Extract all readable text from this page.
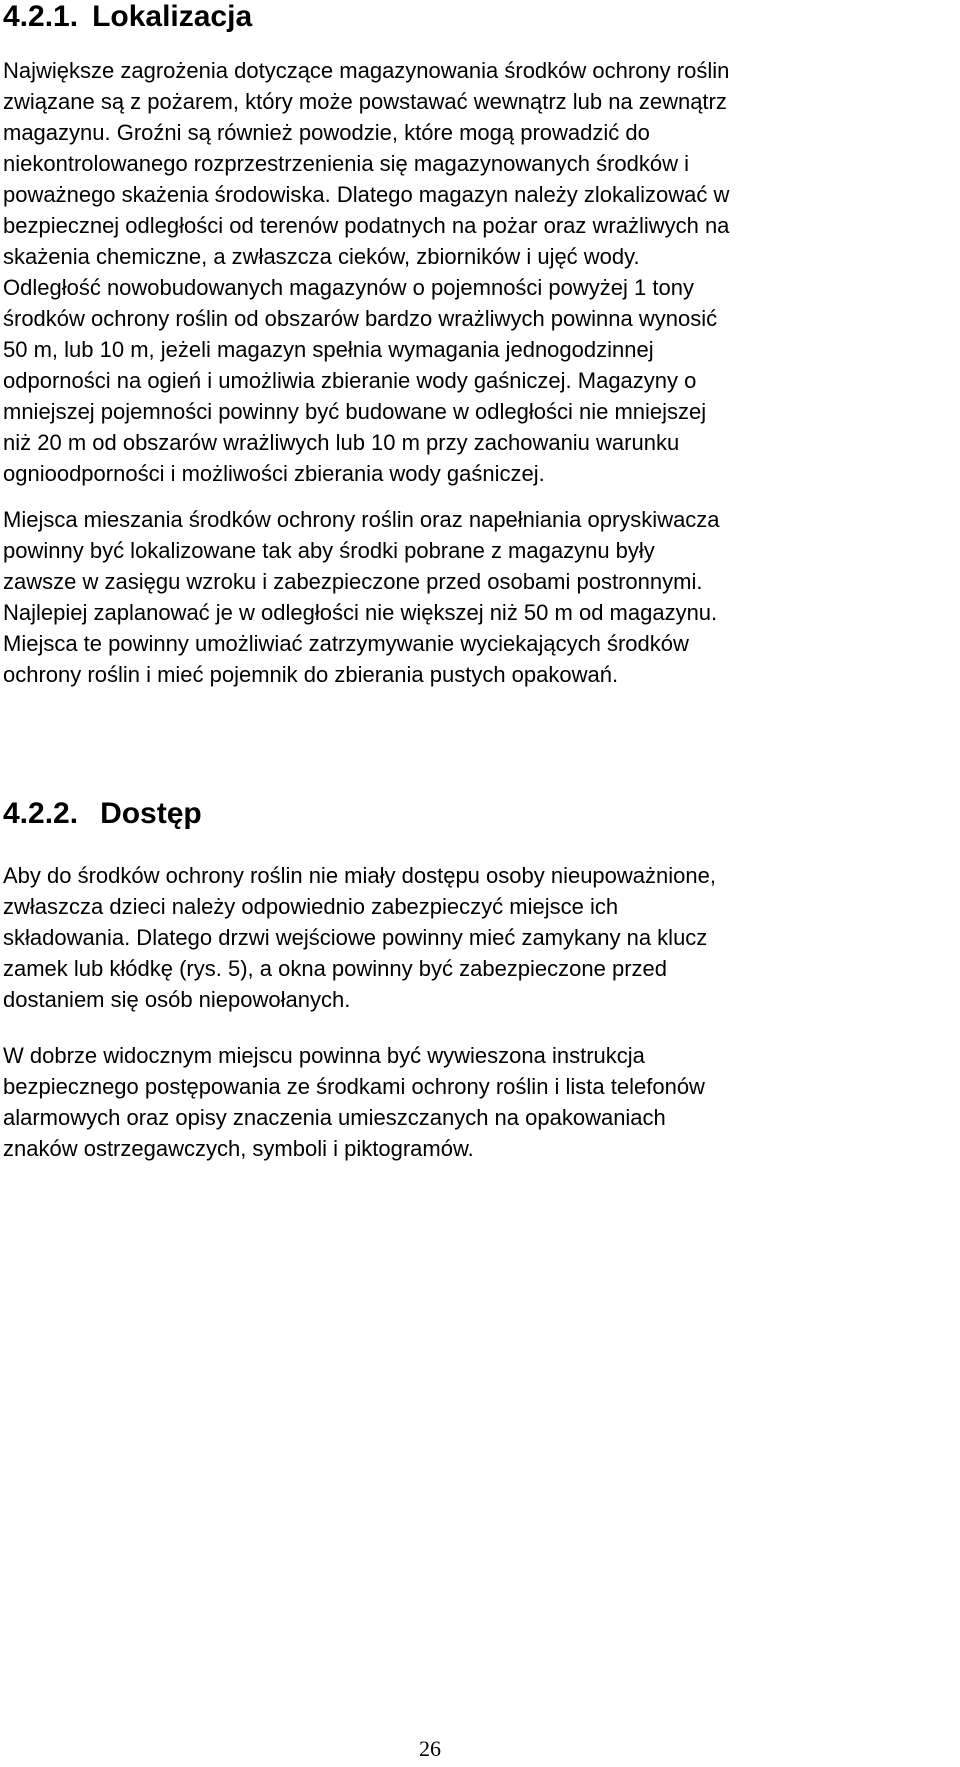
4.2.1. Lokalizacja

Największe zagrożenia dotyczące magazynowania środków ochrony roślin
związane są z pożarem, który może powstawać wewnątrz lub na zewnątrz
magazynu. Groźni są również powodzie, które mogą prowadzić do
niekontrolowanego rozprzestrzenienia się magazynowanych środków i
poważnego skażenia środowiska. Dlatego magazyn należy zlokalizować w
bezpiecznej odległości od terenów podatnych na pożar oraz wrażliwych na
skażenia chemiczne, a zwłaszcza cieków, zbiorników i ujęć wody.
Odległość nowobudowanych magazynów o pojemności powyżej 1 tony
środków ochrony roślin od obszarów bardzo wrażliwych powinna wynosić
50 m, lub 10 m, jeżeli magazyn spełnia wymagania jednogodzinnej
odporności na ogień i umożliwia zbieranie wody gaśniczej. Magazyny o
mniejszej pojemności powinny być budowane w odległości nie mniejszej
niż 20 m od obszarów wrażliwych lub 10 m przy zachowaniu warunku
ognioodporności i możliwości zbierania wody gaśniczej.

Miejsca mieszania środków ochrony roślin oraz napełniania opryskiwacza
powinny być lokalizowane tak aby środki pobrane z magazynu były
zawsze w zasięgu wzroku i zabezpieczone przed osobami postronnymi.
Najlepiej zaplanować je w odległości nie większej niż 50 m od magazynu.
Miejsca te powinny umożliwiać zatrzymywanie wyciekających środków
ochrony roślin i mieć pojemnik do zbierania pustych opakowań.

4.2.2. Dostęp

Aby do środków ochrony roślin nie miały dostępu osoby nieupoważnione,
zwłaszcza dzieci należy odpowiednio zabezpieczyć miejsce ich
składowania. Dlatego drzwi wejściowe powinny mieć zamykany na klucz
zamek lub kłódkę (rys. 5), a okna powinny być zabezpieczone przed
dostaniem się osób niepowołanych.

W dobrze widocznym miejscu powinna być wywieszona instrukcja
bezpiecznego postępowania ze środkami ochrony roślin i lista telefonów
alarmowych oraz opisy znaczenia umieszczanych na opakowaniach
znaków ostrzegawczych, symboli i piktogramów.

26
